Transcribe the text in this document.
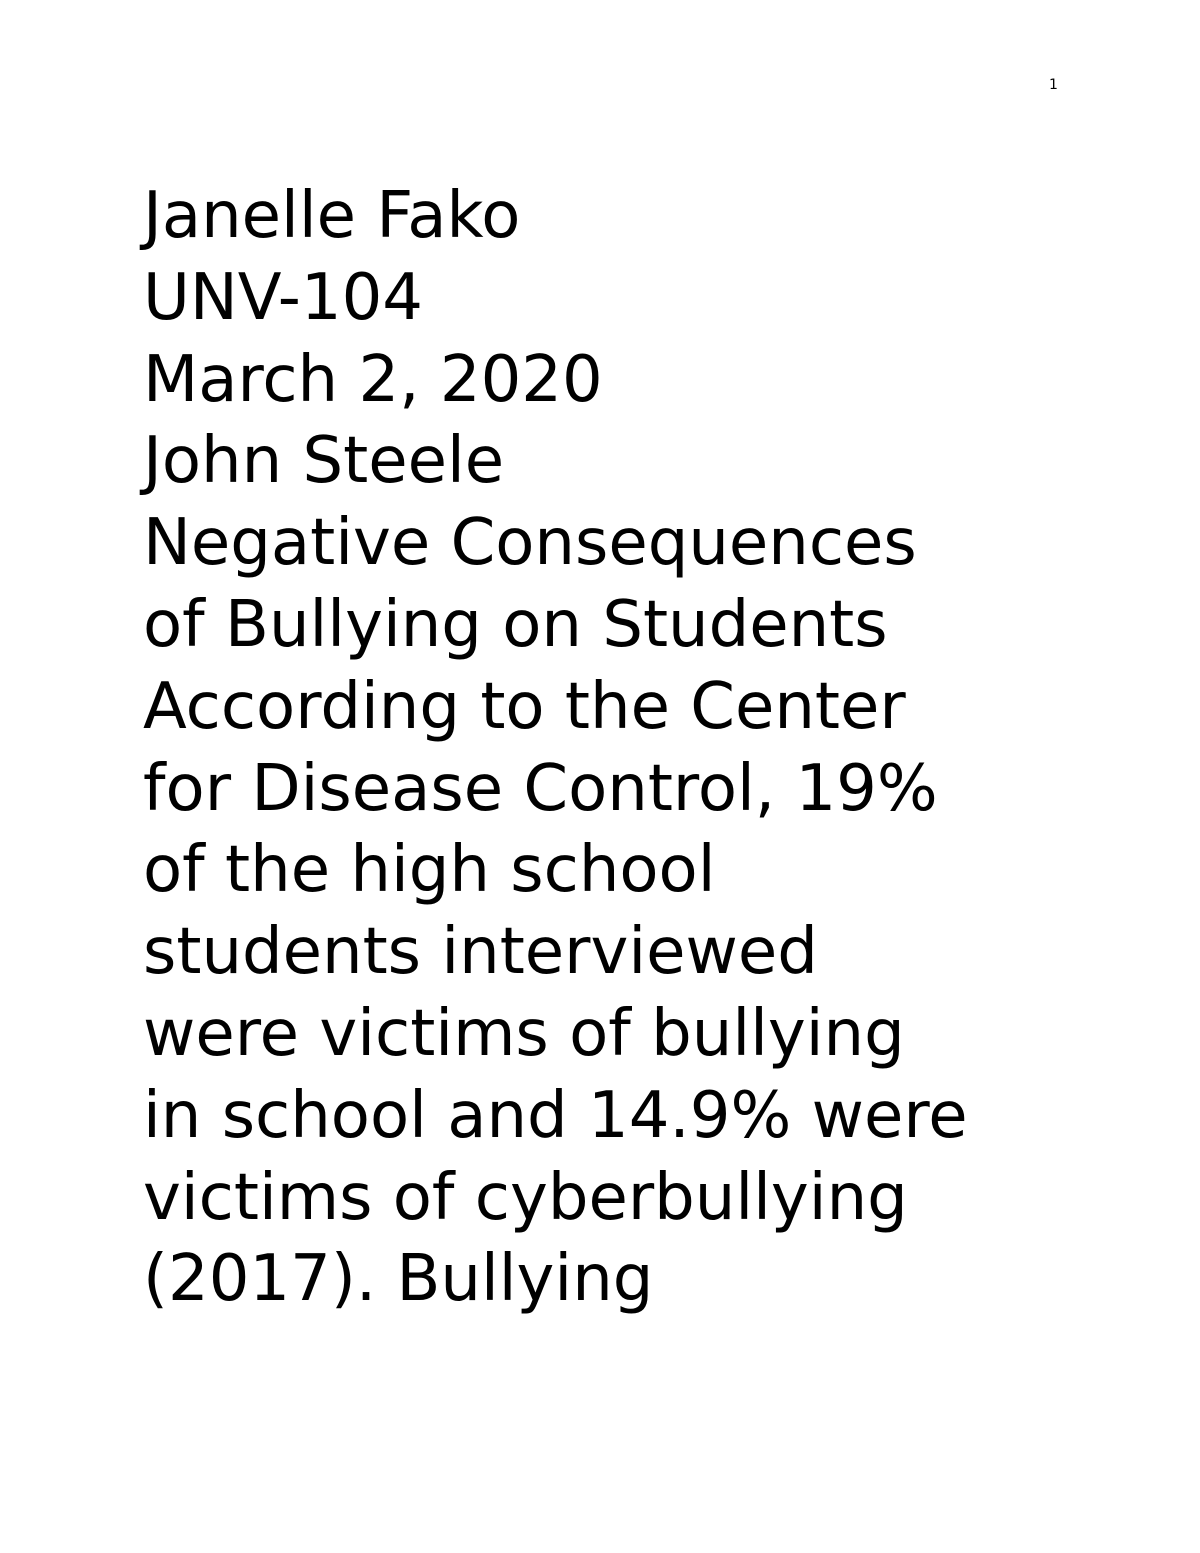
1

Janelle Fako

UNV-104

March 2, 2020

John Steele

Negative Consequences

of Bullying on Students

According to the Center

for Disease Control, 19%

of the high school

students interviewed

were victims of bullying

in school and 14.9% were

victims of cyberbullying

(2017). Bullying
